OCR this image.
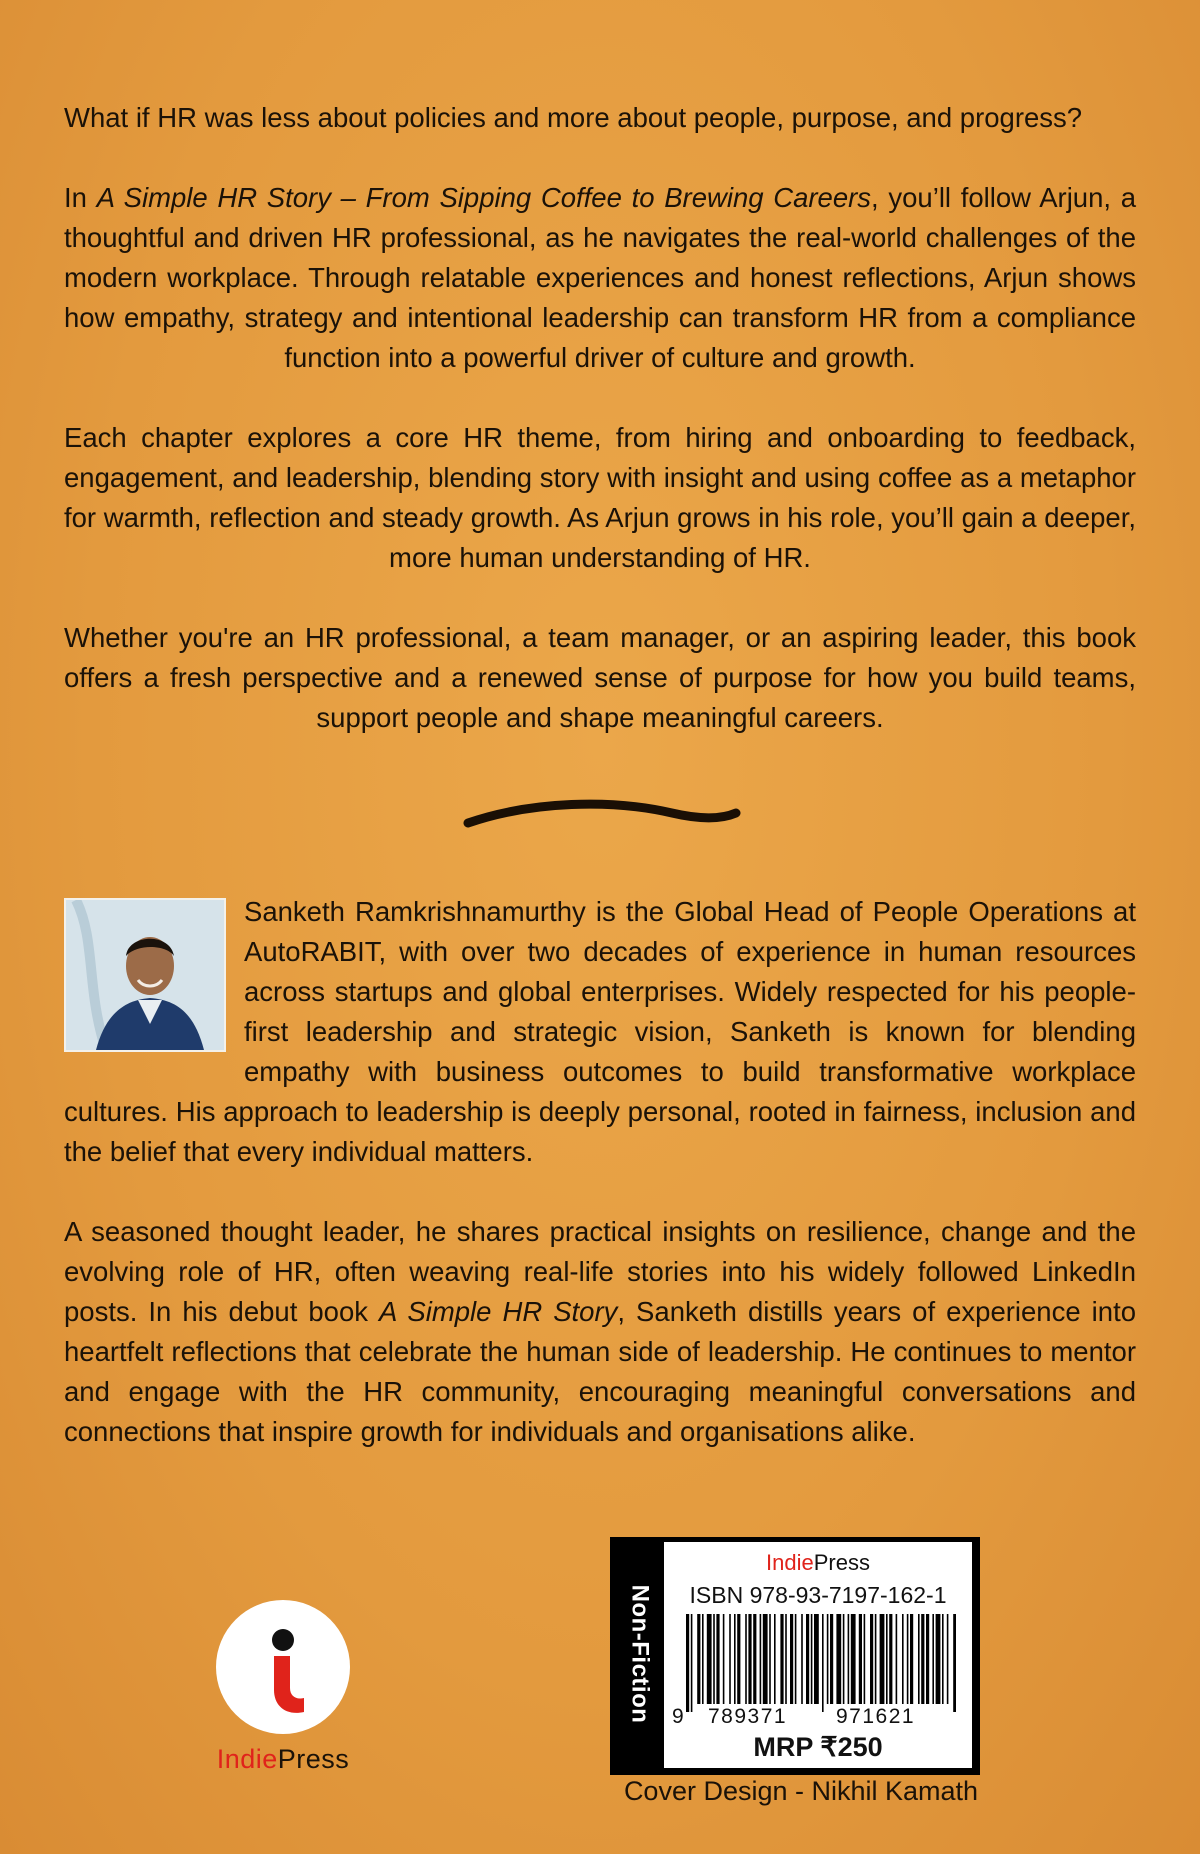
What if HR was less about policies and more about people, purpose, and progress?

In A Simple HR Story – From Sipping Coffee to Brewing Careers, you’ll follow Arjun, a thoughtful and driven HR professional, as he navigates the real-world challenges of the modern workplace. Through relatable experiences and honest reflections, Arjun shows how empathy, strategy and intentional leadership can transform HR from a compliance function into a powerful driver of culture and growth.

Each chapter explores a core HR theme, from hiring and onboarding to feedback, engagement, and leadership, blending story with insight and using coffee as a metaphor for warmth, reflection and steady growth. As Arjun grows in his role, you’ll gain a deeper, more human understanding of HR.

Whether you're an HR professional, a team manager, or an aspiring leader, this book offers a fresh perspective and a renewed sense of purpose for how you build teams, support people and shape meaningful careers.

Sanketh Ramkrishnamurthy is the Global Head of People Operations at AutoRABIT, with over two decades of experience in human resources across startups and global enterprises. Widely respected for his people-first leadership and strategic vision, Sanketh is known for blending empathy with business outcomes to build transformative workplace cultures. His approach to leadership is deeply personal, rooted in fairness, inclusion and the belief that every individual matters.

A seasoned thought leader, he shares practical insights on resilience, change and the evolving role of HR, often weaving real-life stories into his widely followed LinkedIn posts. In his debut book A Simple HR Story, Sanketh distills years of experience into heartfelt reflections that celebrate the human side of leadership. He continues to mentor and engage with the HR community, encouraging meaningful conversations and connections that inspire growth for individuals and organisations alike.

IndiePress
Non-Fiction
IndiePress
ISBN 978-93-7197-162-1
9 789371 971621
MRP ₹250
Cover Design - Nikhil Kamath
